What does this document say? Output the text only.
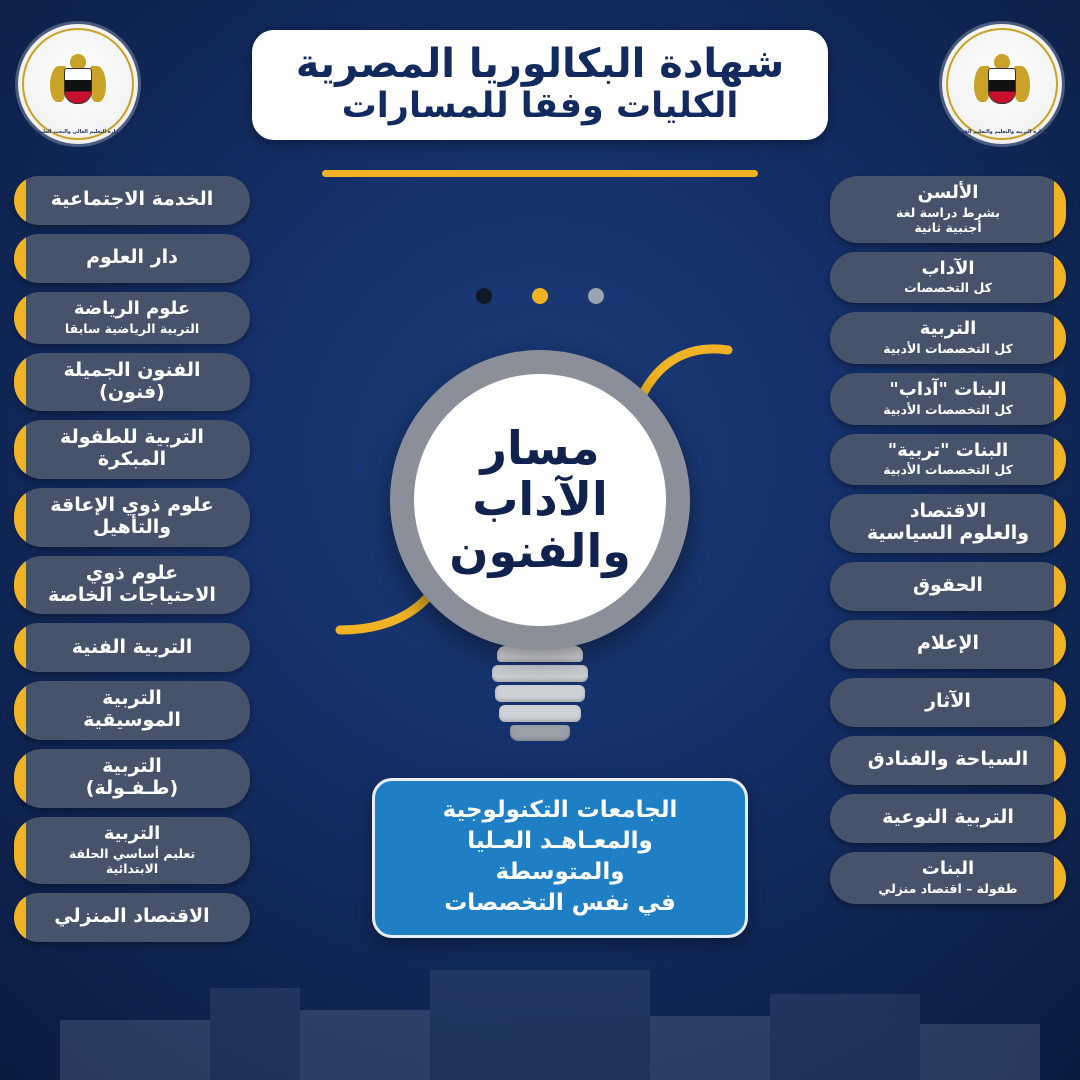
وزارة التربية والتعليم والتعليم الفني
وزارة التعليم العالي والبحث العلمي
شهادة البكالوريا المصرية
الكليات وفقا للمسارات
مسار
الآداب
والفنون
الألسن
بشرط دراسة لغة
أجنبية ثانية
الآداب
كل التخصصات
التربية
كل التخصصات الأدبية
البنات "آداب"
كل التخصصات الأدبية
البنات "تربية"
كل التخصصات الأدبية
الاقتصاد
والعلوم السياسية
الحقوق
الإعلام
الآثار
السياحة والفنادق
التربية النوعية
البنات
طفولة – اقتصاد منزلي
الخدمة الاجتماعية
دار العلوم
علوم الرياضة
التربية الرياضية سابقا
الفنون الجميلة
(فنون)
التربية للطفولة
المبكرة
علوم ذوي الإعاقة
والتأهيل
علوم ذوي
الاحتياجات الخاصة
التربية الفنية
التربية
الموسيقية
التربية
(طـفـولة)
التربية
تعليم أساسي الحلقة
الابتدائية
الاقتصاد المنزلي
الجامعات التكنولوجية
والمعـاهـد العـليا
والمتوسطة
في نفس التخصصات
